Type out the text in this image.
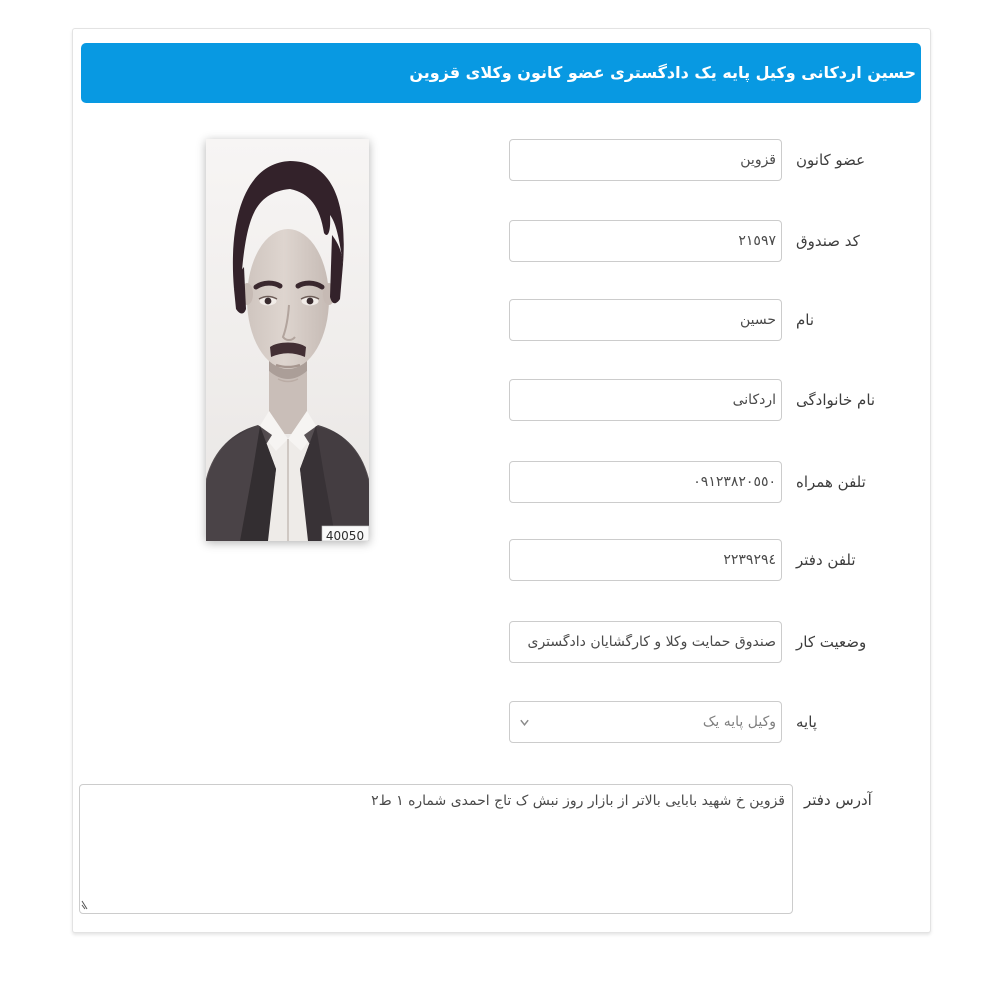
حسین اردکانی وکیل پایه یک دادگستری عضو کانون وکلای قزوین
40050
قزوین
عضو کانون
٢١٥٩٧
کد صندوق
حسین
نام
اردکانی
نام خانوادگی
٠٩١٢٣٨٢٠٥٥٠
تلفن همراه
٢٢٣٩٢٩٤
تلفن دفتر
صندوق حمایت وکلا و کارگشایان دادگستری
وضعیت کار
وکیل پایه یک	پایه
آدرس دفتر
قزوین خ شهید بابایی بالاتر از بازار روز نبش ک تاج احمدی شماره ١ ط٢
